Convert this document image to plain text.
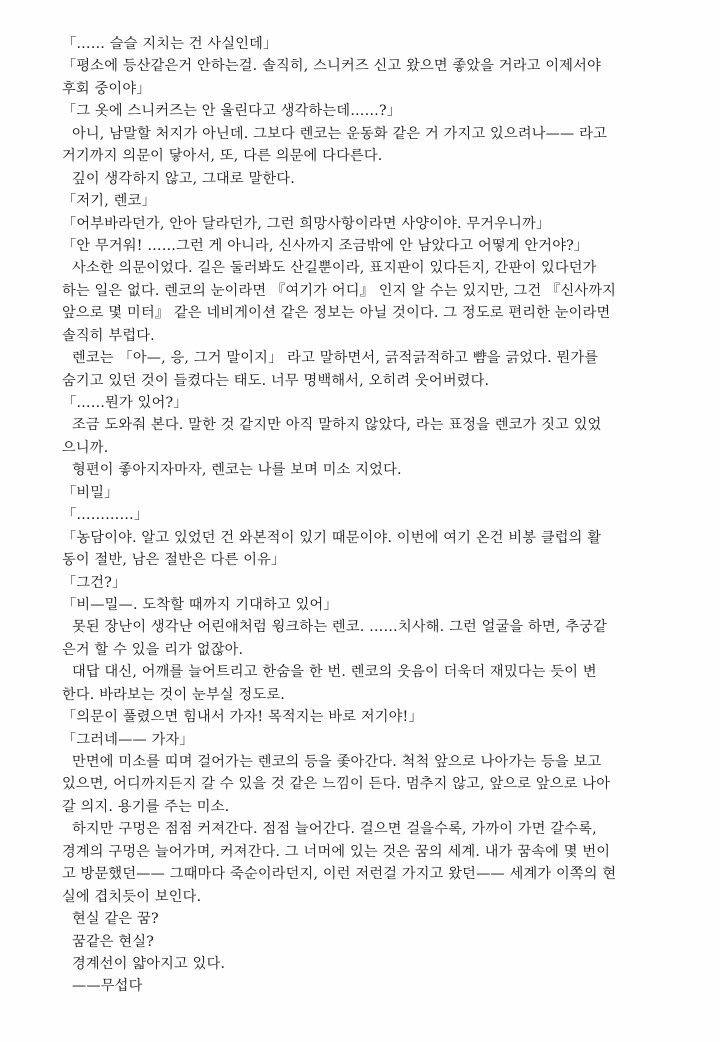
「…… 슬슬 지치는 건 사실인데」
「평소에 등산같은거 안하는걸. 솔직히, 스니커즈 신고 왔으면 좋았을 거라고 이제서야
후회 중이야」
「그 옷에 스니커즈는 안 울린다고 생각하는데……?」
아니, 남말할 처지가 아닌데. 그보다 렌코는 운동화 같은 거 가지고 있으려나—— 라고
거기까지 의문이 닿아서, 또, 다른 의문에 다다른다.
깊이 생각하지 않고, 그대로 말한다.
「저기, 렌코」
「어부바라던가, 안아 달라던가, 그런 희망사항이라면 사양이야. 무거우니까」
「안 무거워! ……그런 게 아니라, 신사까지 조금밖에 안 남았다고 어떻게 안거야?」
사소한 의문이었다. 길은 둘러봐도 산길뿐이라, 표지판이 있다든지, 간판이 있다던가
하는 일은 없다. 렌코의 눈이라면 『여기가 어디』 인지 알 수는 있지만, 그건 『신사까지
앞으로 몇 미터』 같은 네비게이션 같은 정보는 아닐 것이다. 그 정도로 편리한 눈이라면
솔직히 부럽다.
렌코는 「아—, 응, 그거 말이지」 라고 말하면서, 긁적긁적하고 뺨을 긁었다. 뭔가를
숨기고 있던 것이 들켰다는 태도. 너무 명백해서, 오히려 웃어버렸다.
「……뭔가 있어?」
조금 도와줘 본다. 말한 것 같지만 아직 말하지 않았다, 라는 표정을 렌코가 짓고 있었
으니까.
형편이 좋아지자마자, 렌코는 나를 보며 미소 지었다.
「비밀」
「…………」
「농담이야. 알고 있었던 건 와본적이 있기 때문이야. 이번에 여기 온건 비봉 클럽의 활
동이 절반, 남은 절반은 다른 이유」
「그건?」
「비—밀—. 도착할 때까지 기대하고 있어」
못된 장난이 생각난 어린애처럼 윙크하는 렌코. ……치사해. 그런 얼굴을 하면, 추궁같
은거 할 수 있을 리가 없잖아.
대답 대신, 어깨를 늘어트리고 한숨을 한 번. 렌코의 웃음이 더욱더 재밌다는 듯이 변
한다. 바라보는 것이 눈부실 정도로.
「의문이 풀렸으면 힘내서 가자! 목적지는 바로 저기야!」
「그러네—— 가자」
만면에 미소를 띠며 걸어가는 렌코의 등을 좇아간다. 척척 앞으로 나아가는 등을 보고
있으면, 어디까지든지 갈 수 있을 것 같은 느낌이 든다. 멈추지 않고, 앞으로 앞으로 나아
갈 의지. 용기를 주는 미소.
하지만 구멍은 점점 커져간다. 점점 늘어간다. 걸으면 걸을수록, 가까이 가면 갈수록,
경계의 구멍은 늘어가며, 커져간다. 그 너머에 있는 것은 꿈의 세계. 내가 꿈속에 몇 번이
고 방문했던—— 그때마다 죽순이라던지, 이런 저런걸 가지고 왔던—— 세계가 이쪽의 현
실에 겹치듯이 보인다.
현실 같은 꿈?
꿈같은 현실?
경계선이 얇아지고 있다.
——무섭다
